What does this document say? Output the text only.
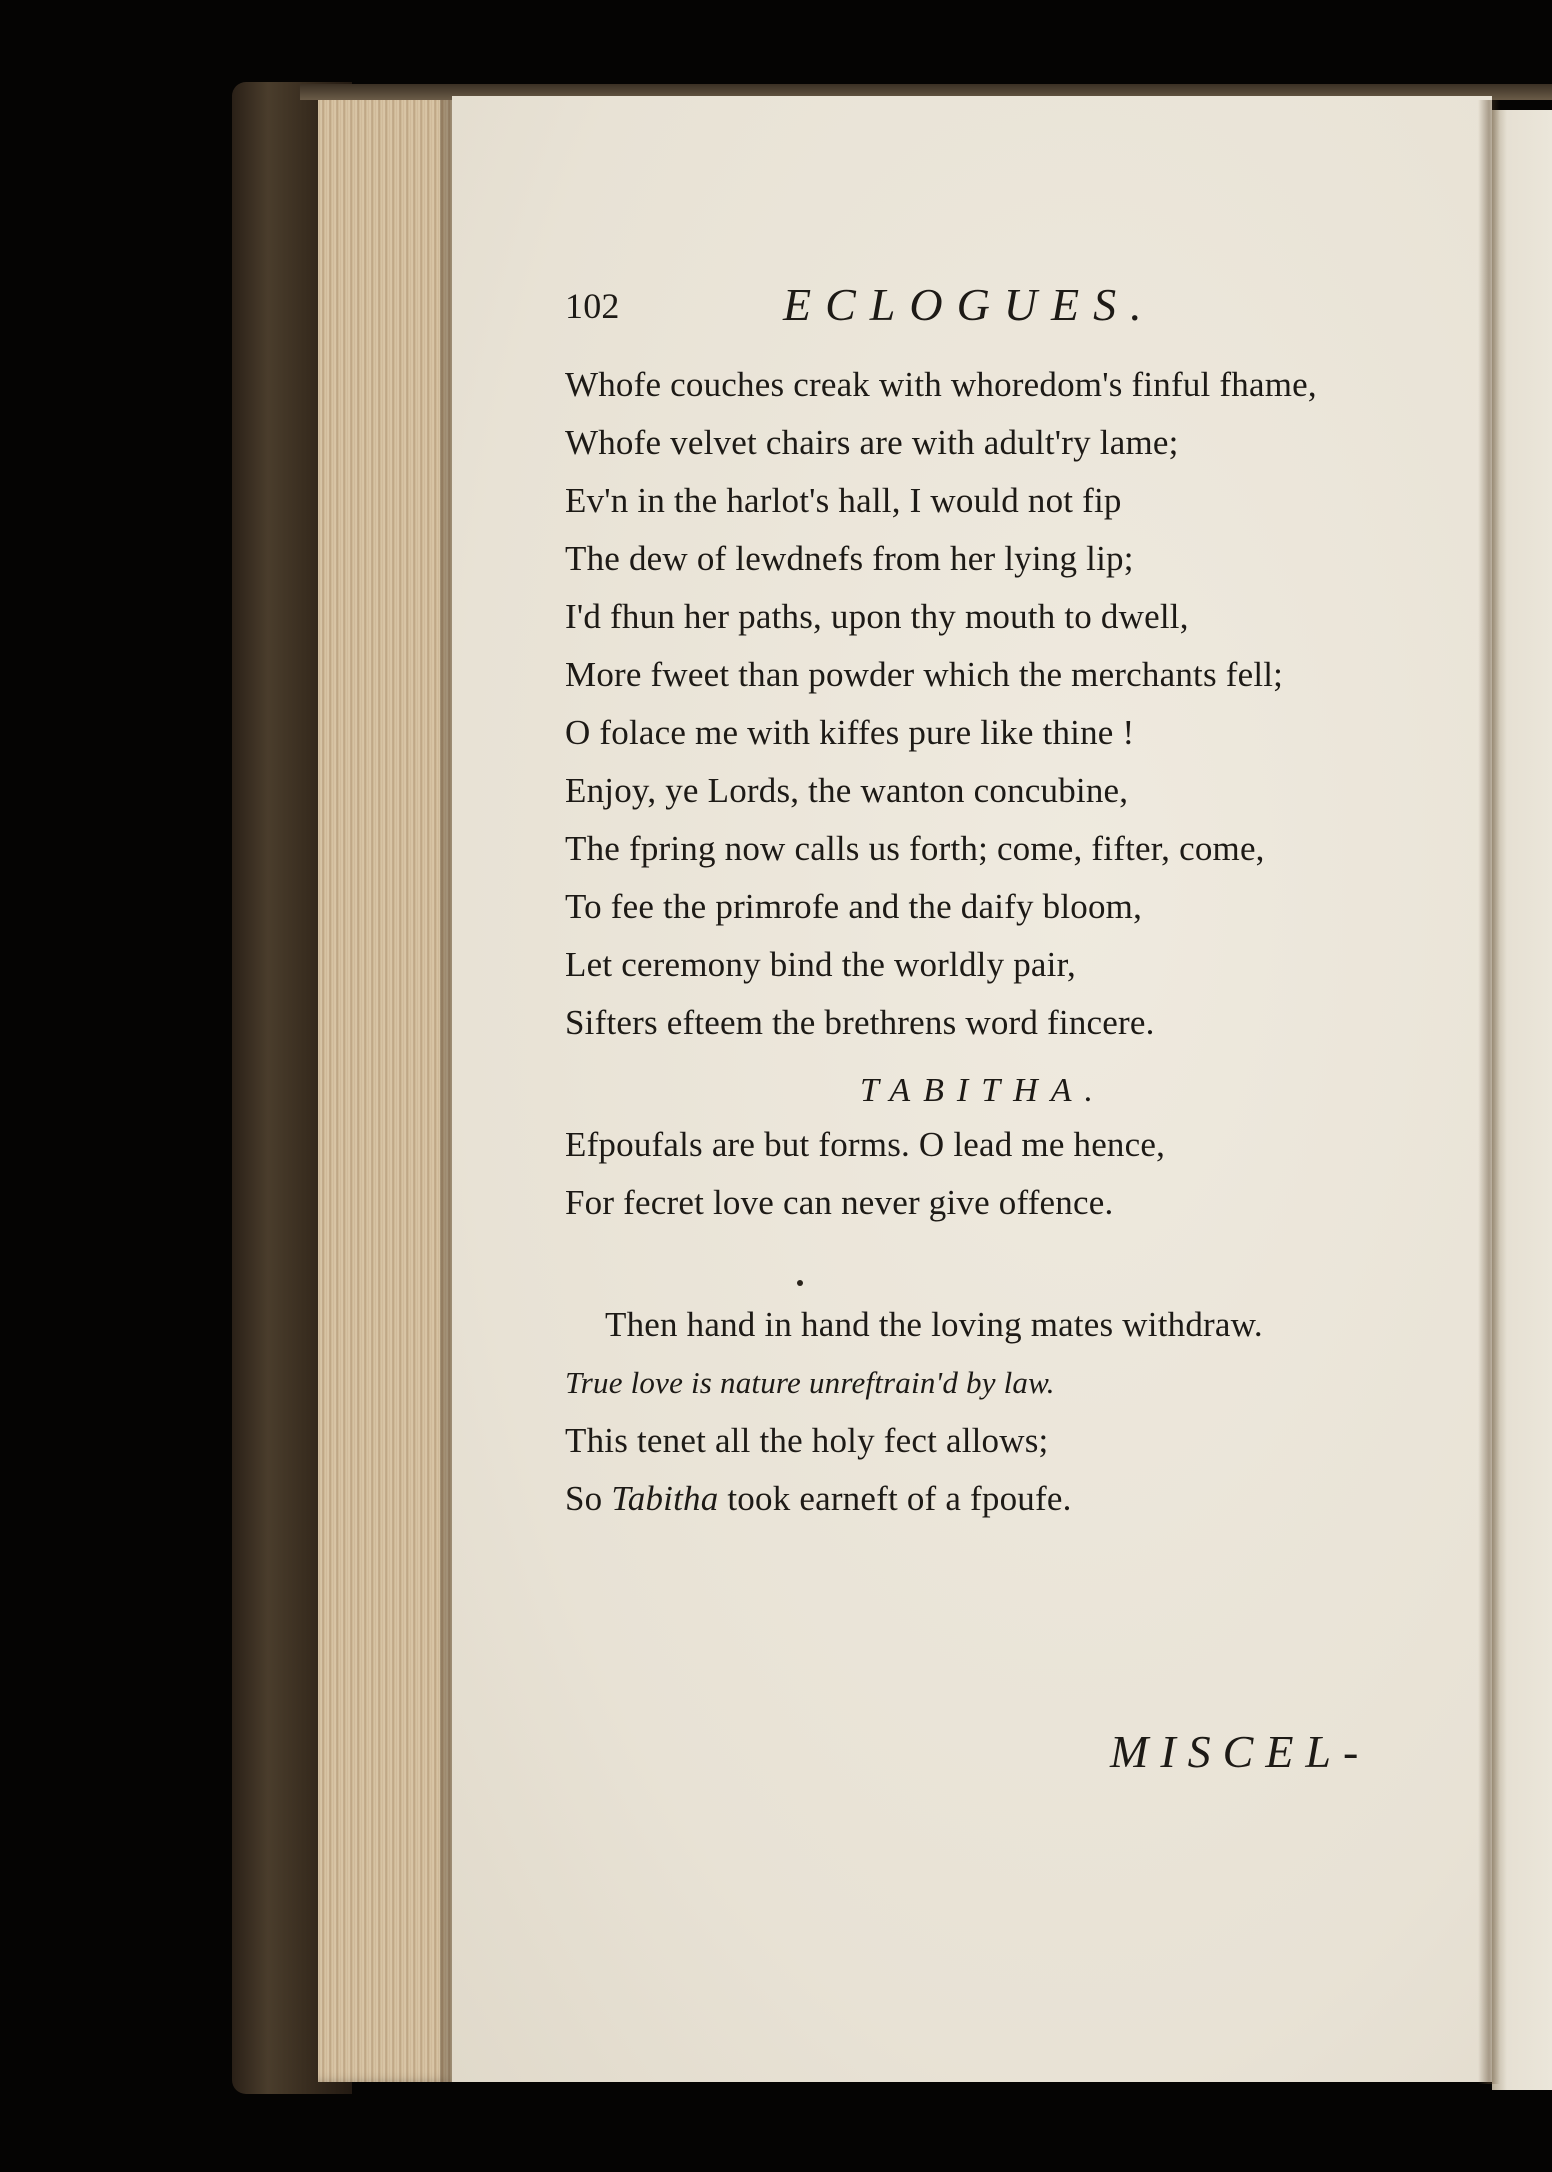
102	ECLOGUES.
Whofe couches creak with whoredom's finful fhame,
Whofe velvet chairs are with adult'ry lame;
Ev'n in the harlot's hall, I would not fip
The dew of lewdnefs from her lying lip;
I'd fhun her paths, upon thy mouth to dwell,
More fweet than powder which the merchants fell;
O folace me with kiffes pure like thine !
Enjoy, ye Lords, the wanton concubine,
The fpring now calls us forth; come, fifter, come,
To fee the primrofe and the daify bloom,
Let ceremony bind the worldly pair,
Sifters efteem the brethrens word fincere.
TABITHA.
Efpoufals are but forms. O lead me hence,
For fecret love can never give offence.
Then hand in hand the loving mates withdraw.
True love is nature unreftrain'd by law.
This tenet all the holy fect allows;
So Tabitha took earneft of a fpoufe.
MISCEL-
